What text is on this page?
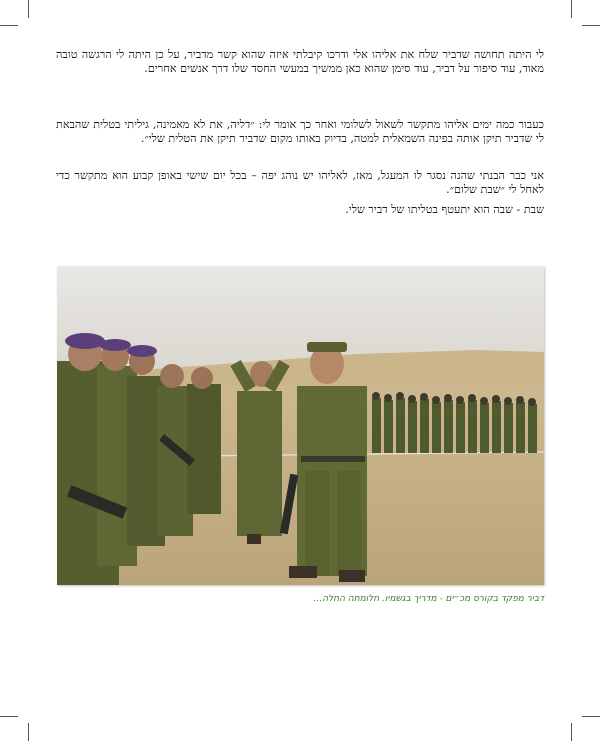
לי היתה תחושה שדביר שלח את אליהו אלי ודרכו קיבלתי איזה שהוא קשר מדביר, על כן היתה לי הרגשה טובה מאוד, עוד סיפור על דביר, עוד סימן שהוא כאן ממשיך במעשי החסד שלו דרך אנשים אחרים.

כעבור כמה ימים אליהו מתקשר לשאול לשלומי ואחר כך אומר לי: ״דליה, את לא מאמינה, גיליתי בטלית שהבאת לי שדביר תיקן אותה בפינה השמאלית למטה, בדיוק באותו מקום שדביר תיקן את הטלית שלי״.

אני כבר הבנתי שהנה נסגר לו המעגל, מאז, לאליהו יש נוהג יפה – בכל יום שישי באופן קבוע הוא מתקשר כדי לאחל לי ״שבת שלום״.

שבת - שבה הוא יתעטף בטליתו של דביר שלי.

דביר מפקד בקורס מכ״ים - מדריך בגשמיו. חלומתה החלה...
